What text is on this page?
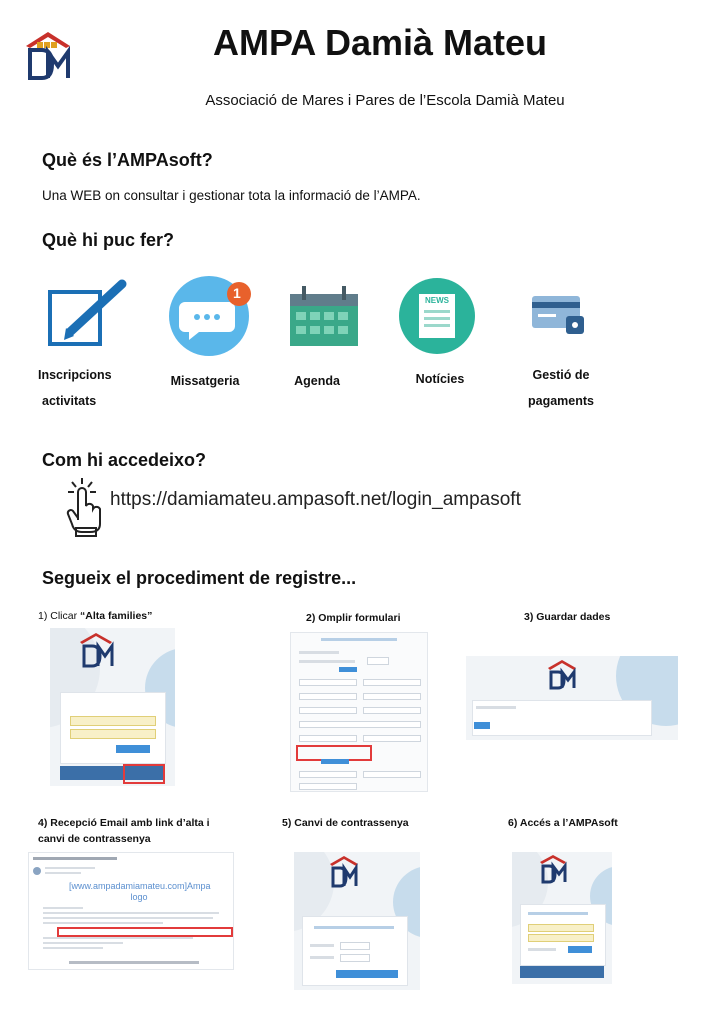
AMPA Damià Mateu
Associació de Mares i Pares de l’Escola Damià Mateu
Què és l’AMPAsoft?
Una WEB on consultar i gestionar tota la informació de l’AMPA.
Què hi puc fer?
1	NEWS
Inscripcions
activitats
Missatgeria	Agenda	Notícies	Gestió de
pagaments
Com hi accedeixo?
https://damiamateu.ampasoft.net/login_ampasoft
Segueix el procediment de registre...
1) Clicar “Alta families”	2) Omplir formulari	3) Guardar dades
4) Recepció Email amb link d’alta i canvi de contrassenya
5) Canvi de contrassenya	6) Accés a l’AMPAsoft
[www.ampadamiamateu.com]Ampa logo
